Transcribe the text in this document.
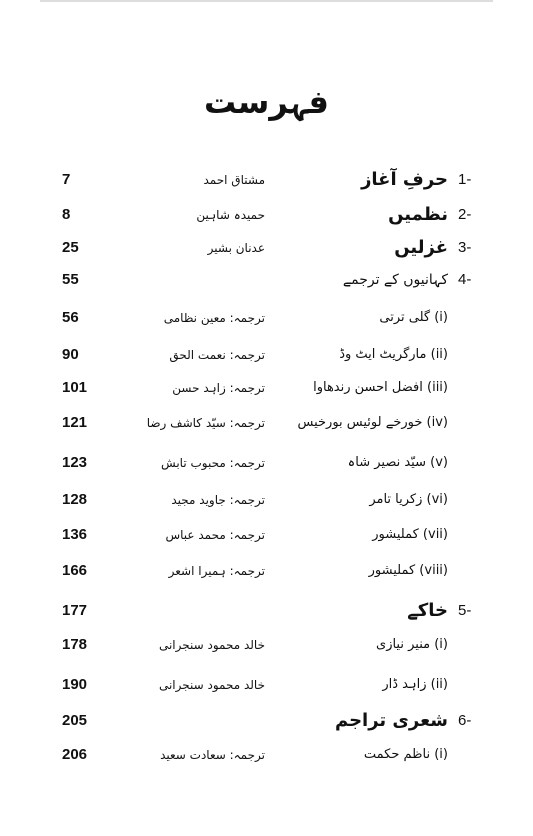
فہرست
7	مشتاق احمد	حرفِ آغاز 1-
8	حمیدہ شاہین	نظمیں 2-
25	عدنان بشیر	غزلیں 3-
55	کہانیوں کے ترجمے 4-
56	ترجمہ: معین نظامی	(i) گلی ترتی
90	ترجمہ: نعمت الحق	(ii) مارگریٹ ایٹ وڈ
101	ترجمہ: زاہد حسن	(iii) افضل احسن رندھاوا
121	ترجمہ: سیّد کاشف رضا	(iv) خورخے لوئیس بورخیس
123	ترجمہ: محبوب تابش	(v) سیّد نصیر شاہ
128	ترجمہ: جاوید مجید	(vi) زکریا تامر
136	ترجمہ: محمد عباس	(vii) کملیشور
166	ترجمہ: ہمیرا اشعر	(viii) کملیشور
177	خاکے 5-
178	خالد محمود سنجرانی	(i) منیر نیازی
190	خالد محمود سنجرانی	(ii) زاہد ڈار
205	شعری تراجم 6-
206	ترجمہ: سعادت سعید	(i) ناظم حکمت
